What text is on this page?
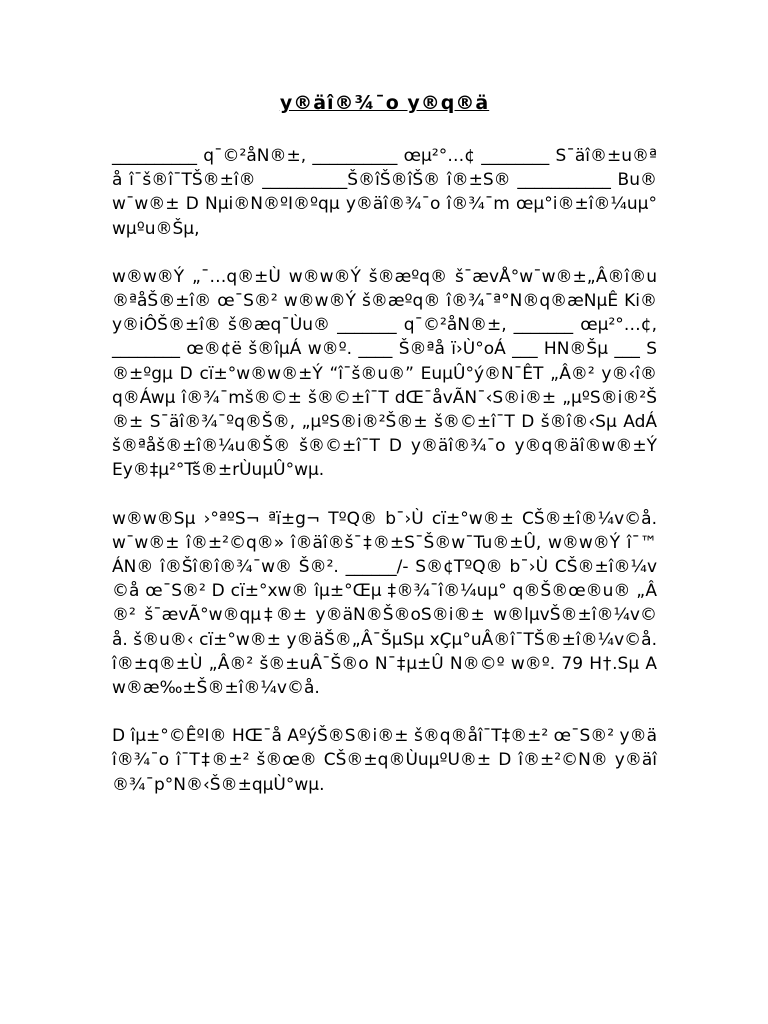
y®äî®¾¯o y®q®ä

__________ q¯©²åN®±, __________ œµ²°…¢ ________ S¯äî®±u®ªå î¯š®î¯TŠ®±î® __________Š®îŠ®îŠ® î®±S® ___________ Bu® w¯w®± D Nµi®N®ºI®ºqµ y®äî®¾¯o î®¾¯m œµ°i®±î®¼uµ°wµºu®Šµ,

w®w®Ý „¯…q®±Ù w®w®Ý š®æºq® š¯ævÅ°w¯w®±„Â®î®u®ªåŠ®±î® œ¯S®² w®w®Ý š®æºq® î®¾¯ª°N®q®æNµÊ Ki®y®iÔŠ®±î® š®æq¯Ùu® _______ q¯©²åN®±, _______ œµ²°…¢, ________ œ®¢ë š®îµÁ w®º. ____ Š®ªå ï›Ù°oÁ ___ HN®Šµ ___ S®±ºgµ D cï±°w®w®±Ý “î¯š®u®” EuµÛ°ý®N¯ÊT „Â®² y®‹î®q®Áwµ î®¾¯mš®©± š®©±î¯T dŒ¯åvÃN¯‹S®i®± „µºS®i®²Š®± S¯äî®¾¯ºq®Š®, „µºS®i®²Š®± š®©±î¯T D š®î®‹Sµ AdÁ š®ªåš®±î®¼u®Š® š®©±î¯T D y®äî®¾¯o y®q®äî®w®±Ý Ey®‡µ²°Tš®±rÙuµÛ°wµ.

w®w®Sµ ›°ªºS¬ ªï±g¬ TºQ® b¯›Ù cï±°w®± CŠ®±î®¼v©å. w¯w®± î®±²©q®» î®äî®š¯‡®±S¯Š®w¯Tu®±Û, w®w®Ý î¯™ÁN® î®Šî®î®¾¯w® Š®². ______/- S®¢TºQ® b¯›Ù CŠ®±î®¼v©å œ¯S®² D cï±°xw® îµ±°Œµ ‡®¾¯î®¼uµ° q®Š®œ®u® „Â®² š¯ævÃ°w®qµ‡®± y®äN®Š®oS®i®± w®lµvŠ®±î®¼v©å. š®u®‹ cï±°w®± y®äŠ®„Â¯ŠµSµ xÇµ°uÂ®î¯TŠ®±î®¼v©å. î®±q®±Ù „Â®² š®±uÂ¯Š®o N¯‡µ±Û N®©º w®º. 79 H†.Sµ Aw®æ‰±Š®±î®¼v©å.

D îµ±°©ÊºI® HŒ¯å AºýŠ®S®i®± š®q®åî¯T‡®±² œ¯S®² y®äî®¾¯o î¯T‡®±² š®œ® CŠ®±q®ÙuµºU®± D î®±²©N® y®äî®¾¯p°N®‹Š®±qµÙ°wµ.
